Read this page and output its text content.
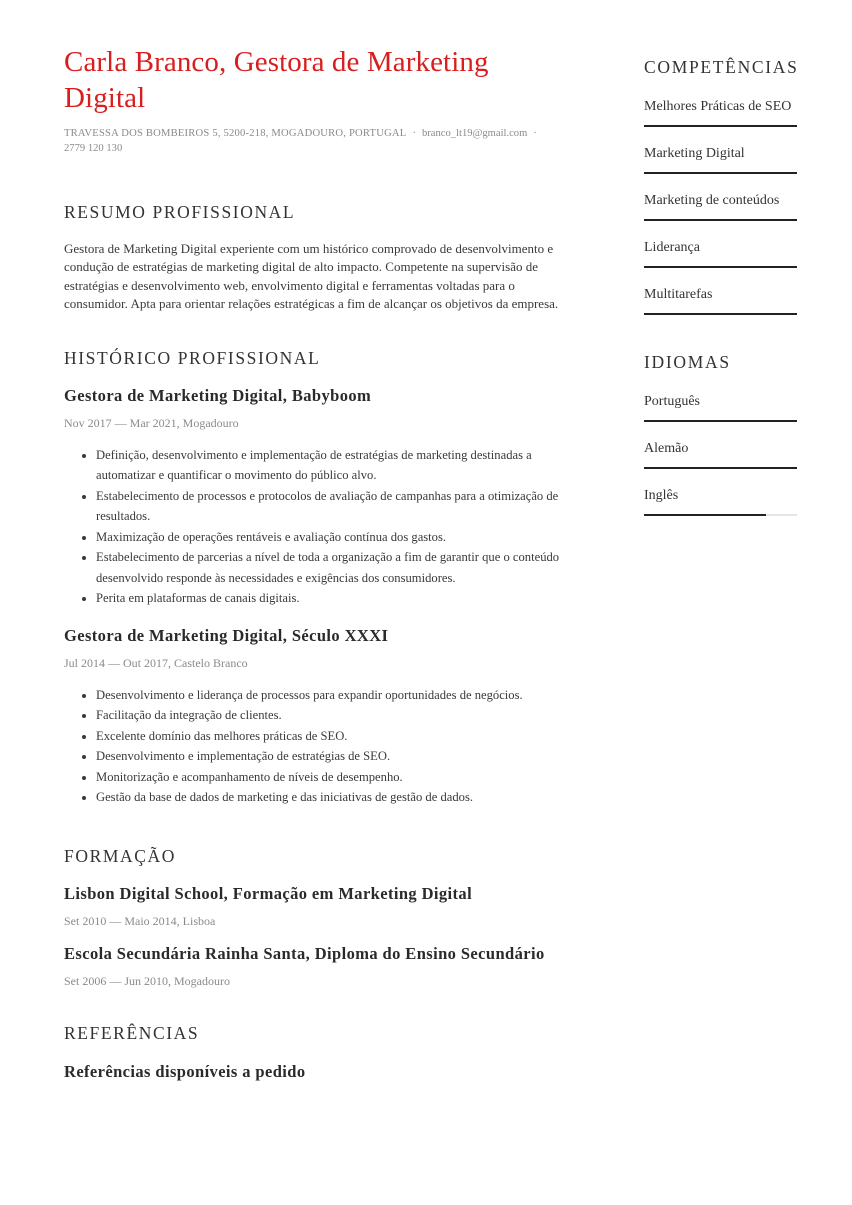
Carla Branco, Gestora de Marketing Digital
TRAVESSA DOS BOMBEIROS 5, 5200-218, MOGADOURO, PORTUGAL · branco_lt19@gmail.com ·
2779 120 130
RESUMO PROFISSIONAL
Gestora de Marketing Digital experiente com um histórico comprovado de desenvolvimento e condução de estratégias de marketing digital de alto impacto. Competente na supervisão de estratégias e desenvolvimento web, envolvimento digital e ferramentas voltadas para o consumidor. Apta para orientar relações estratégicas a fim de alcançar os objetivos da empresa.
HISTÓRICO PROFISSIONAL
Gestora de Marketing Digital, Babyboom
Nov 2017 — Mar 2021, Mogadouro
• Definição, desenvolvimento e implementação de estratégias de marketing destinadas a automatizar e quantificar o movimento do público alvo.
• Estabelecimento de processos e protocolos de avaliação de campanhas para a otimização de resultados.
• Maximização de operações rentáveis e avaliação contínua dos gastos.
• Estabelecimento de parcerias a nível de toda a organização a fim de garantir que o conteúdo desenvolvido responde às necessidades e exigências dos consumidores.
• Perita em plataformas de canais digitais.
Gestora de Marketing Digital, Século XXXI
Jul 2014 — Out 2017, Castelo Branco
• Desenvolvimento e liderança de processos para expandir oportunidades de negócios.
• Facilitação da integração de clientes.
• Excelente domínio das melhores práticas de SEO.
• Desenvolvimento e implementação de estratégias de SEO.
• Monitorização e acompanhamento de níveis de desempenho.
• Gestão da base de dados de marketing e das iniciativas de gestão de dados.
FORMAÇÃO
Lisbon Digital School, Formação em Marketing Digital
Set 2010 — Maio 2014, Lisboa
Escola Secundária Rainha Santa, Diploma do Ensino Secundário
Set 2006 — Jun 2010, Mogadouro
REFERÊNCIAS
Referências disponíveis a pedido
COMPETÊNCIAS
Melhores Práticas de SEO
Marketing Digital
Marketing de conteúdos
Liderança
Multitarefas
IDIOMAS
Português
Alemão
Inglês
